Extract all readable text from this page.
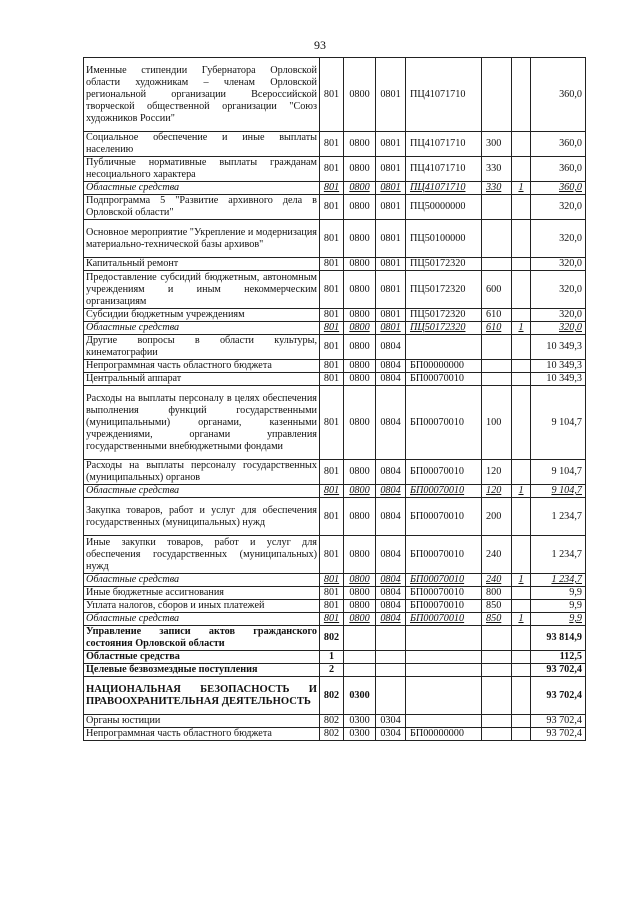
93
Именные стипендии Губернатора Орловской области художникам – членам Орловской региональной организации Всероссийской творческой общественной организации "Союз художников России"	801	0800	0801	ПЦ41071710			360,0
Социальное обеспечение и иные выплаты населению	801	0800	0801	ПЦ41071710	300		360,0
Публичные нормативные выплаты гражданам несоциального характера	801	0800	0801	ПЦ41071710	330		360,0
Областные средства	801	0800	0801	ПЦ41071710	330	1	360,0
Подпрограмма 5 "Развитие архивного дела в Орловской области"	801	0800	0801	ПЦ50000000			320,0
Основное мероприятие "Укрепление и модернизация материально-технической базы архивов"	801	0800	0801	ПЦ50100000			320,0
Капитальный ремонт	801	0800	0801	ПЦ50172320			320,0
Предоставление субсидий бюджетным, автономным учреждениям и иным некоммерческим организациям	801	0800	0801	ПЦ50172320	600		320,0
Субсидии бюджетным учреждениям	801	0800	0801	ПЦ50172320	610		320,0
Областные средства	801	0800	0801	ПЦ50172320	610	1	320,0
Другие вопросы в области культуры, кинематографии	801	0800	0804				10 349,3
Непрограммная часть областного бюджета	801	0800	0804	БП00000000			10 349,3
Центральный аппарат	801	0800	0804	БП00070010			10 349,3
Расходы на выплаты персоналу в целях обеспечения выполнения функций государственными (муниципальными) органами, казенными учреждениями, органами управления государственными внебюджетными фондами	801	0800	0804	БП00070010	100		9 104,7
Расходы на выплаты персоналу государственных (муниципальных) органов	801	0800	0804	БП00070010	120		9 104,7
Областные средства	801	0800	0804	БП00070010	120	1	9 104,7
Закупка товаров, работ и услуг для обеспечения государственных (муниципальных) нужд	801	0800	0804	БП00070010	200		1 234,7
Иные закупки товаров, работ и услуг для обеспечения государственных (муниципальных) нужд	801	0800	0804	БП00070010	240		1 234,7
Областные средства	801	0800	0804	БП00070010	240	1	1 234,7
Иные бюджетные ассигнования	801	0800	0804	БП00070010	800		9,9
Уплата налогов, сборов и иных платежей	801	0800	0804	БП00070010	850		9,9
Областные средства	801	0800	0804	БП00070010	850	1	9,9
Управление записи актов гражданского состояния Орловской области	802						93 814,9
Областные средства	1						112,5
Целевые безвозмездные поступления	2						93 702,4
НАЦИОНАЛЬНАЯ БЕЗОПАСНОСТЬ И ПРАВООХРАНИТЕЛЬНАЯ ДЕЯТЕЛЬНОСТЬ	802	0300					93 702,4
Органы юстиции	802	0300	0304				93 702,4
Непрограммная часть областного бюджета	802	0300	0304	БП00000000			93 702,4
